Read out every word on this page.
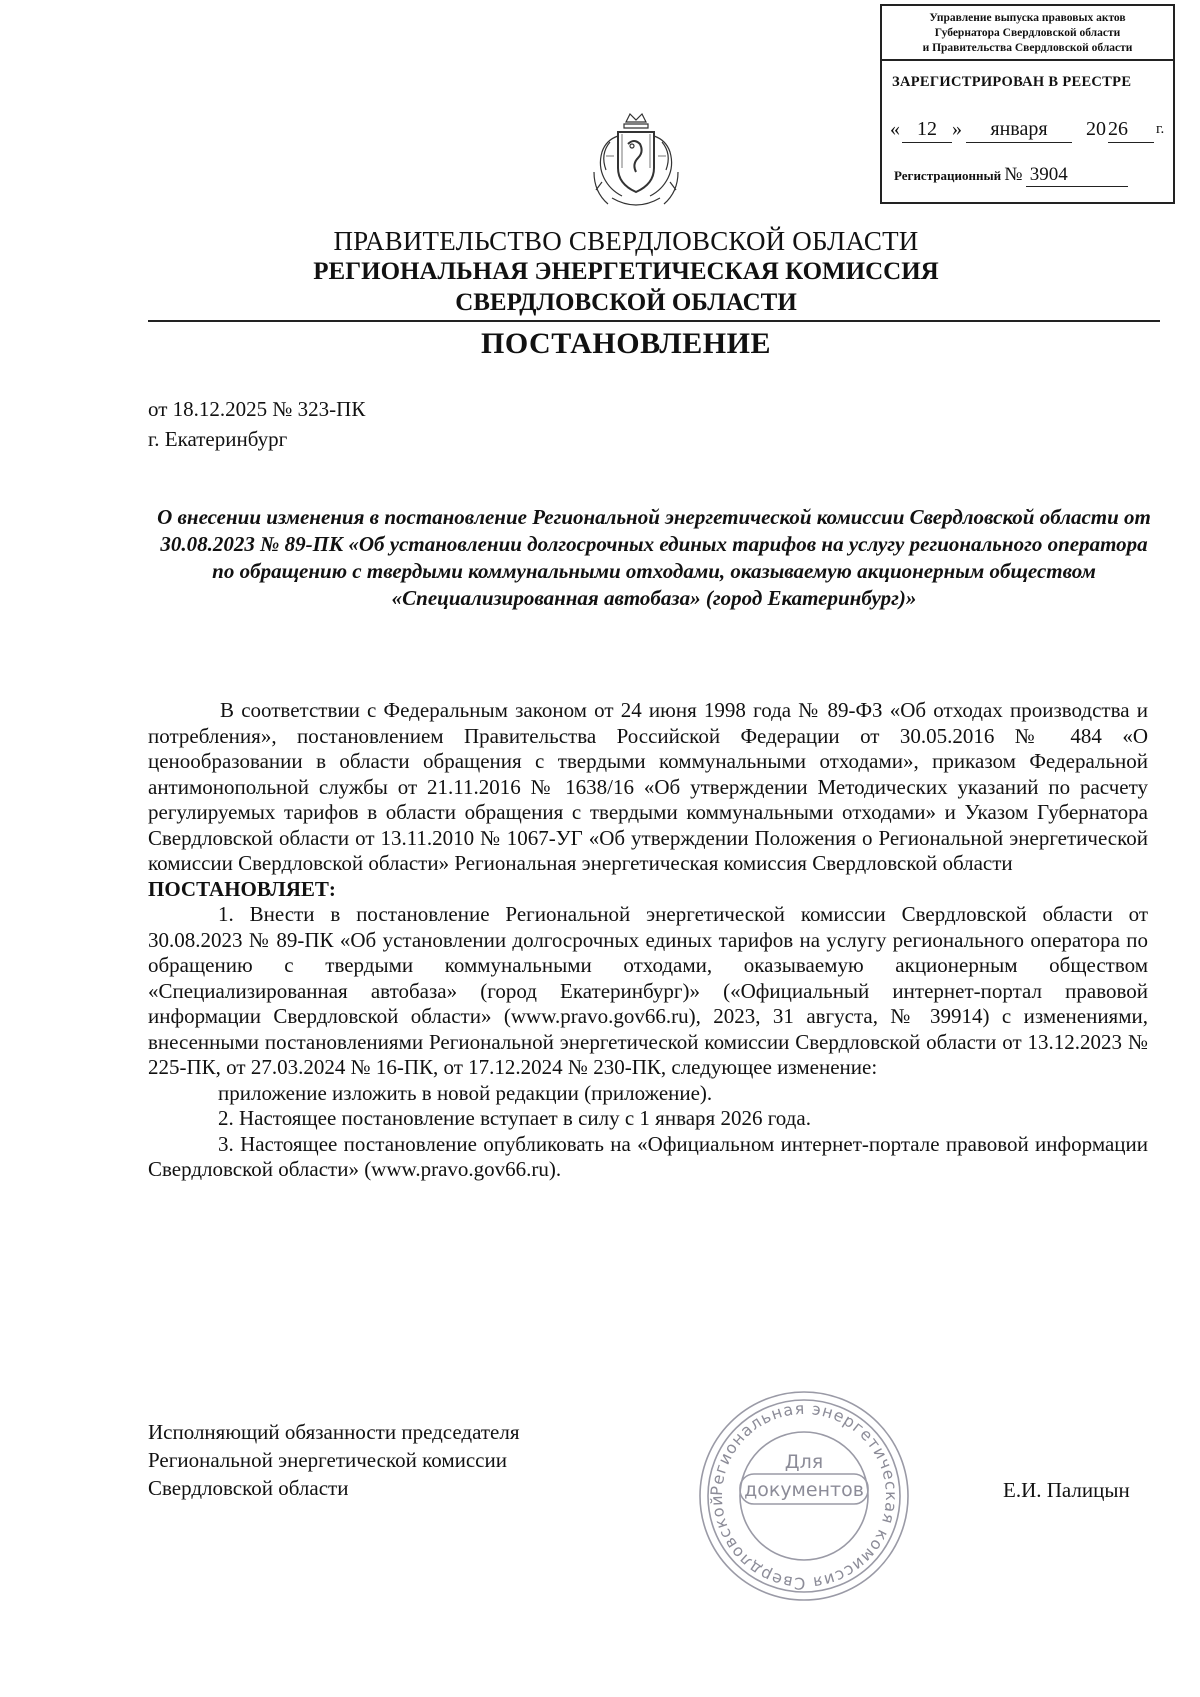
Управление выпуска правовых актов
Губернатора Свердловской области
и Правительства Свердловской области
ЗАРЕГИСТРИРОВАН В РЕЕСТРЕ
« 12 »	января	20 26	г.
Регистрационный № 3904
ПРАВИТЕЛЬСТВО СВЕРДЛОВСКОЙ ОБЛАСТИ
РЕГИОНАЛЬНАЯ ЭНЕРГЕТИЧЕСКАЯ КОМИССИЯ
СВЕРДЛОВСКОЙ ОБЛАСТИ
ПОСТАНОВЛЕНИЕ
от 18.12.2025 № 323-ПК
г. Екатеринбург
О внесении изменения в постановление Региональной энергетической комиссии Свердловской области от 30.08.2023 № 89-ПК «Об установлении долгосрочных единых тарифов на услугу регионального оператора по обращению с твердыми коммунальными отходами, оказываемую акционерным обществом «Специализированная автобаза» (город Екатеринбург)»

В соответствии с Федеральным законом от 24 июня 1998 года № 89-ФЗ «Об отходах производства и потребления», постановлением Правительства Российской Федерации от 30.05.2016 № 484 «О ценообразовании в области обращения с твердыми коммунальными отходами», приказом Федеральной антимонопольной службы от 21.11.2016 № 1638/16 «Об утверждении Методических указаний по расчету регулируемых тарифов в области обращения с твердыми коммунальными отходами» и Указом Губернатора Свердловской области от 13.11.2010 № 1067-УГ «Об утверждении Положения о Региональной энергетической комиссии Свердловской области» Региональная энергетическая комиссия Свердловской области

ПОСТАНОВЛЯЕТ:

1. Внести в постановление Региональной энергетической комиссии Свердловской области от 30.08.2023 № 89-ПК «Об установлении долгосрочных единых тарифов на услугу регионального оператора по обращению с твердыми коммунальными отходами, оказываемую акционерным обществом «Специализированная автобаза» (город Екатеринбург)» («Официальный интернет-портал правовой информации Свердловской области» (www.pravo.gov66.ru), 2023, 31 августа, № 39914) с изменениями, внесенными постановлениями Региональной энергетической комиссии Свердловской области от 13.12.2023 № 225-ПК, от 27.03.2024 № 16-ПК, от 17.12.2024 № 230-ПК, следующее изменение:

приложение изложить в новой редакции (приложение).

2. Настоящее постановление вступает в силу с 1 января 2026 года.

3. Настоящее постановление опубликовать на «Официальном интернет-портале правовой информации Свердловской области» (www.pravo.gov66.ru).

Исполняющий обязанности председателя
Региональной энергетической комиссии
Свердловской области	Региональная энергетическая комиссия Свердловской
Для
документов	Е.И. Палицын
